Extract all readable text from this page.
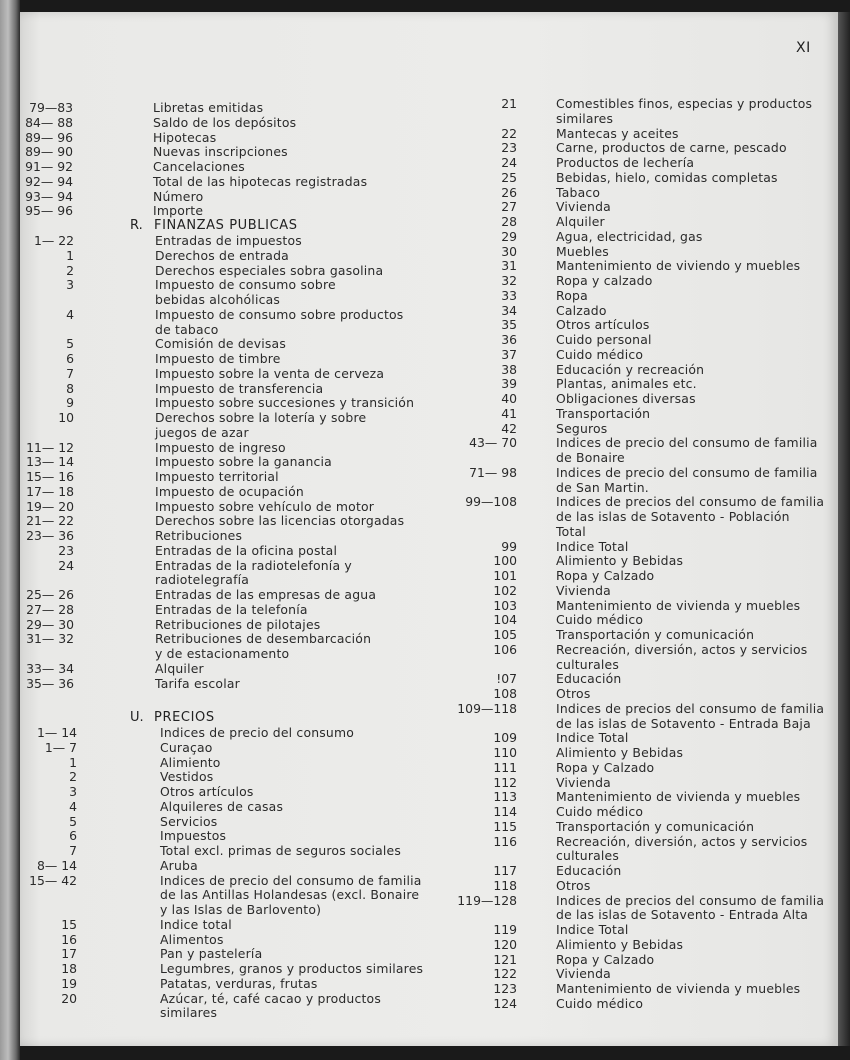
XI
79—83	Libretas emitidas
84— 88	Saldo de los depósitos
89— 96	Hipotecas
89— 90	Nuevas inscripciones
91— 92	Cancelaciones
92— 94	Total de las hipotecas registradas
93— 94	Número
95— 96	Importe
R. FINANZAS PUBLICAS
1— 22	Entradas de impuestos
1	Derechos de entrada
2	Derechos especiales sobra gasolina
3	Impuesto de consumo sobre
bebidas alcohólicas
4	Impuesto de consumo sobre productos
de tabaco
5	Comisión de devisas
6	Impuesto de timbre
7	Impuesto sobre la venta de cerveza
8	Impuesto de transferencia
9	Impuesto sobre succesiones y transición
10	Derechos sobre la lotería y sobre
juegos de azar
11— 12	Impuesto de ingreso
13— 14	Impuesto sobre la ganancia
15— 16	Impuesto territorial
17— 18	Impuesto de ocupación
19— 20	Impuesto sobre vehículo de motor
21— 22	Derechos sobre las licencias otorgadas
23— 36	Retribuciones
23	Entradas de la oficina postal
24	Entradas de la radiotelefonía y
radiotelegrafía
25— 26	Entradas de las empresas de agua
27— 28	Entradas de la telefonía
29— 30	Retribuciones de pilotajes
31— 32	Retribuciones de desembarcación
y de estacionamento
33— 34	Alquiler
35— 36	Tarifa escolar
U. PRECIOS
1— 14	Indices de precio del consumo
1— 7	Curaçao
1	Alimiento
2	Vestidos
3	Otros artículos
4	Alquileres de casas
5	Servicios
6	Impuestos
7	Total excl. primas de seguros sociales
8— 14	Aruba
15— 42	Indices de precio del consumo de familia
de las Antillas Holandesas (excl. Bonaire
y las Islas de Barlovento)
15	Indice total
16	Alimentos
17	Pan y pastelería
18	Legumbres, granos y productos similares
19	Patatas, verduras, frutas
20	Azúcar, té, café cacao y productos
similares
21	Comestibles finos, especias y productos
similares
22	Mantecas y aceites
23	Carne, productos de carne, pescado
24	Productos de lechería
25	Bebidas, hielo, comidas completas
26	Tabaco
27	Vivienda
28	Alquiler
29	Agua, electricidad, gas
30	Muebles
31	Mantenimiento de viviendo y muebles
32	Ropa y calzado
33	Ropa
34	Calzado
35	Otros artículos
36	Cuido personal
37	Cuido médico
38	Educación y recreación
39	Plantas, animales etc.
40	Obligaciones diversas
41	Transportación
42	Seguros
43— 70	Indices de precio del consumo de familia
de Bonaire
71— 98	Indices de precio del consumo de familia
de San Martin.
99—108	Indices de precios del consumo de familia
de las islas de Sotavento - Población
Total
99	Indice Total
100	Alimiento y Bebidas
101	Ropa y Calzado
102	Vivienda
103	Mantenimiento de vivienda y muebles
104	Cuido médico
105	Transportación y comunicación
106	Recreación, diversión, actos y servicios
culturales
!07	Educación
108	Otros
109—118	Indices de precios del consumo de familia
de las islas de Sotavento - Entrada Baja
109	Indice Total
110	Alimiento y Bebidas
111	Ropa y Calzado
112	Vivienda
113	Mantenimiento de vivienda y muebles
114	Cuido médico
115	Transportación y comunicación
116	Recreación, diversión, actos y servicios
culturales
117	Educación
118	Otros
119—128	Indices de precios del consumo de familia
de las islas de Sotavento - Entrada Alta
119	Indice Total
120	Alimiento y Bebidas
121	Ropa y Calzado
122	Vivienda
123	Mantenimiento de vivienda y muebles
124	Cuido médico
